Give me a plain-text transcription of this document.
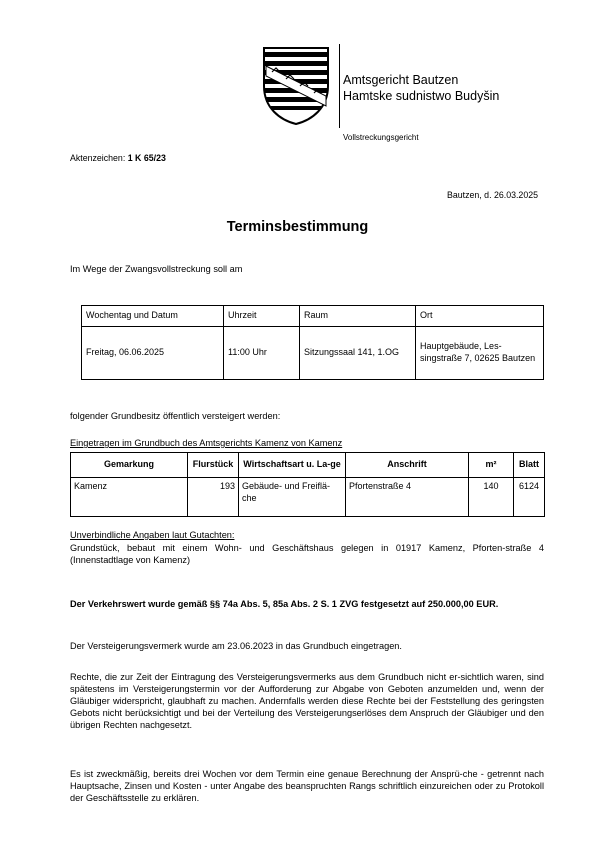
Amtsgericht Bautzen
Hamtske sudnistwo Budyšin
Vollstreckungsgericht
Aktenzeichen: 1 K 65/23
Bautzen, d. 26.03.2025
Terminsbestimmung
Im Wege der Zwangsvollstreckung soll am
Wochentag und Datum	Uhrzeit	Raum	Ort
Freitag, 06.06.2025	11:00 Uhr	Sitzungssaal 141, 1.OG	Hauptgebäude, Les-singstraße 7, 02625 Bautzen
folgender Grundbesitz öffentlich versteigert werden:
Eingetragen im Grundbuch des Amtsgerichts Kamenz von Kamenz
Gemarkung	Flurstück	Wirtschaftsart u. La-ge	Anschrift	m²	Blatt
Kamenz	193	Gebäude- und Freiflä-che	Pfortenstraße 4	140	6124
Unverbindliche Angaben laut Gutachten:
Grundstück, bebaut mit einem Wohn- und Geschäftshaus gelegen in 01917 Kamenz, Pforten-straße 4 (Innenstadtlage von Kamenz)
Der Verkehrswert wurde gemäß §§ 74a Abs. 5, 85a Abs. 2 S. 1 ZVG festgesetzt auf 250.000,00 EUR.
Der Versteigerungsvermerk wurde am 23.06.2023 in das Grundbuch eingetragen.
Rechte, die zur Zeit der Eintragung des Versteigerungsvermerks aus dem Grundbuch nicht er-sichtlich waren, sind spätestens im Versteigerungstermin vor der Aufforderung zur Abgabe von Geboten anzumelden und, wenn der Gläubiger widerspricht, glaubhaft zu machen. Andernfalls werden diese Rechte bei der Feststellung des geringsten Gebots nicht berücksichtigt und bei der Verteilung des Versteigerungserlöses dem Anspruch der Gläubiger und den übrigen Rechten nachgesetzt.
Es ist zweckmäßig, bereits drei Wochen vor dem Termin eine genaue Berechnung der Ansprü-che - getrennt nach Hauptsache, Zinsen und Kosten - unter Angabe des beanspruchten Rangs schriftlich einzureichen oder zu Protokoll der Geschäftsstelle zu erklären.
